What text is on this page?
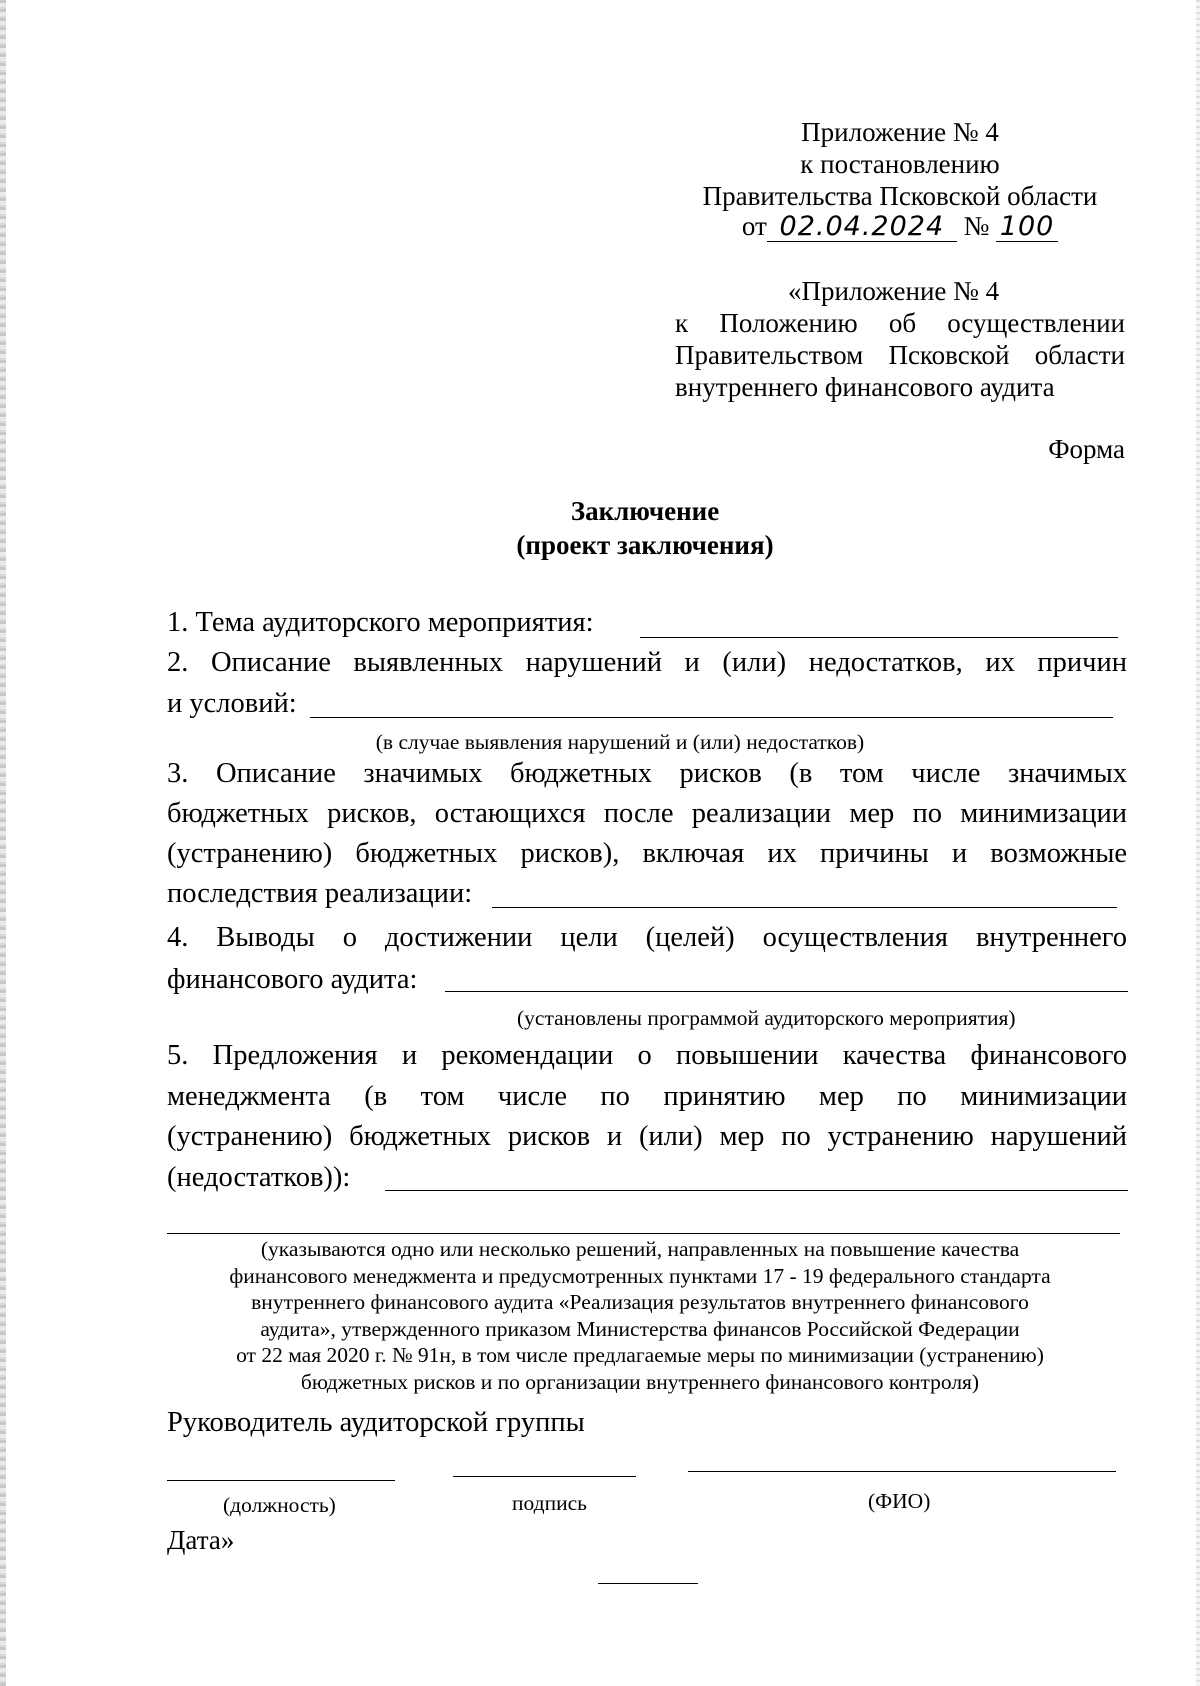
Приложение № 4
к постановлению
Правительства Псковской области
от 02.04.2024 № 100
«Приложение № 4
к Положению об осуществлении
Правительством Псковской области
внутреннего финансового аудита
Форма
Заключение
(проект заключения)
1. Тема аудиторского мероприятия:
2. Описание выявленных нарушений и (или) недостатков, их причин
и условий:
(в случае выявления нарушений и (или) недостатков)
3. Описание значимых бюджетных рисков (в том числе значимых
бюджетных рисков, остающихся после реализации мер по минимизации
(устранению) бюджетных рисков), включая их причины и возможные
последствия реализации:
4. Выводы о достижении цели (целей) осуществления внутреннего
финансового аудита:
(установлены программой аудиторского мероприятия)
5. Предложения и рекомендации о повышении качества финансового
менеджмента (в том числе по принятию мер по минимизации
(устранению) бюджетных рисков и (или) мер по устранению нарушений
(недостатков)):
(указываются одно или несколько решений, направленных на повышение качества
финансового менеджмента и предусмотренных пунктами 17 - 19 федерального стандарта
внутреннего финансового аудита «Реализация результатов внутреннего финансового
аудита», утвержденного приказом Министерства финансов Российской Федерации
от 22 мая 2020 г. № 91н, в том числе предлагаемые меры по минимизации (устранению)
бюджетных рисков и по организации внутреннего финансового контроля)
Руководитель аудиторской группы
(должность)	подпись	(ФИО)
Дата»
